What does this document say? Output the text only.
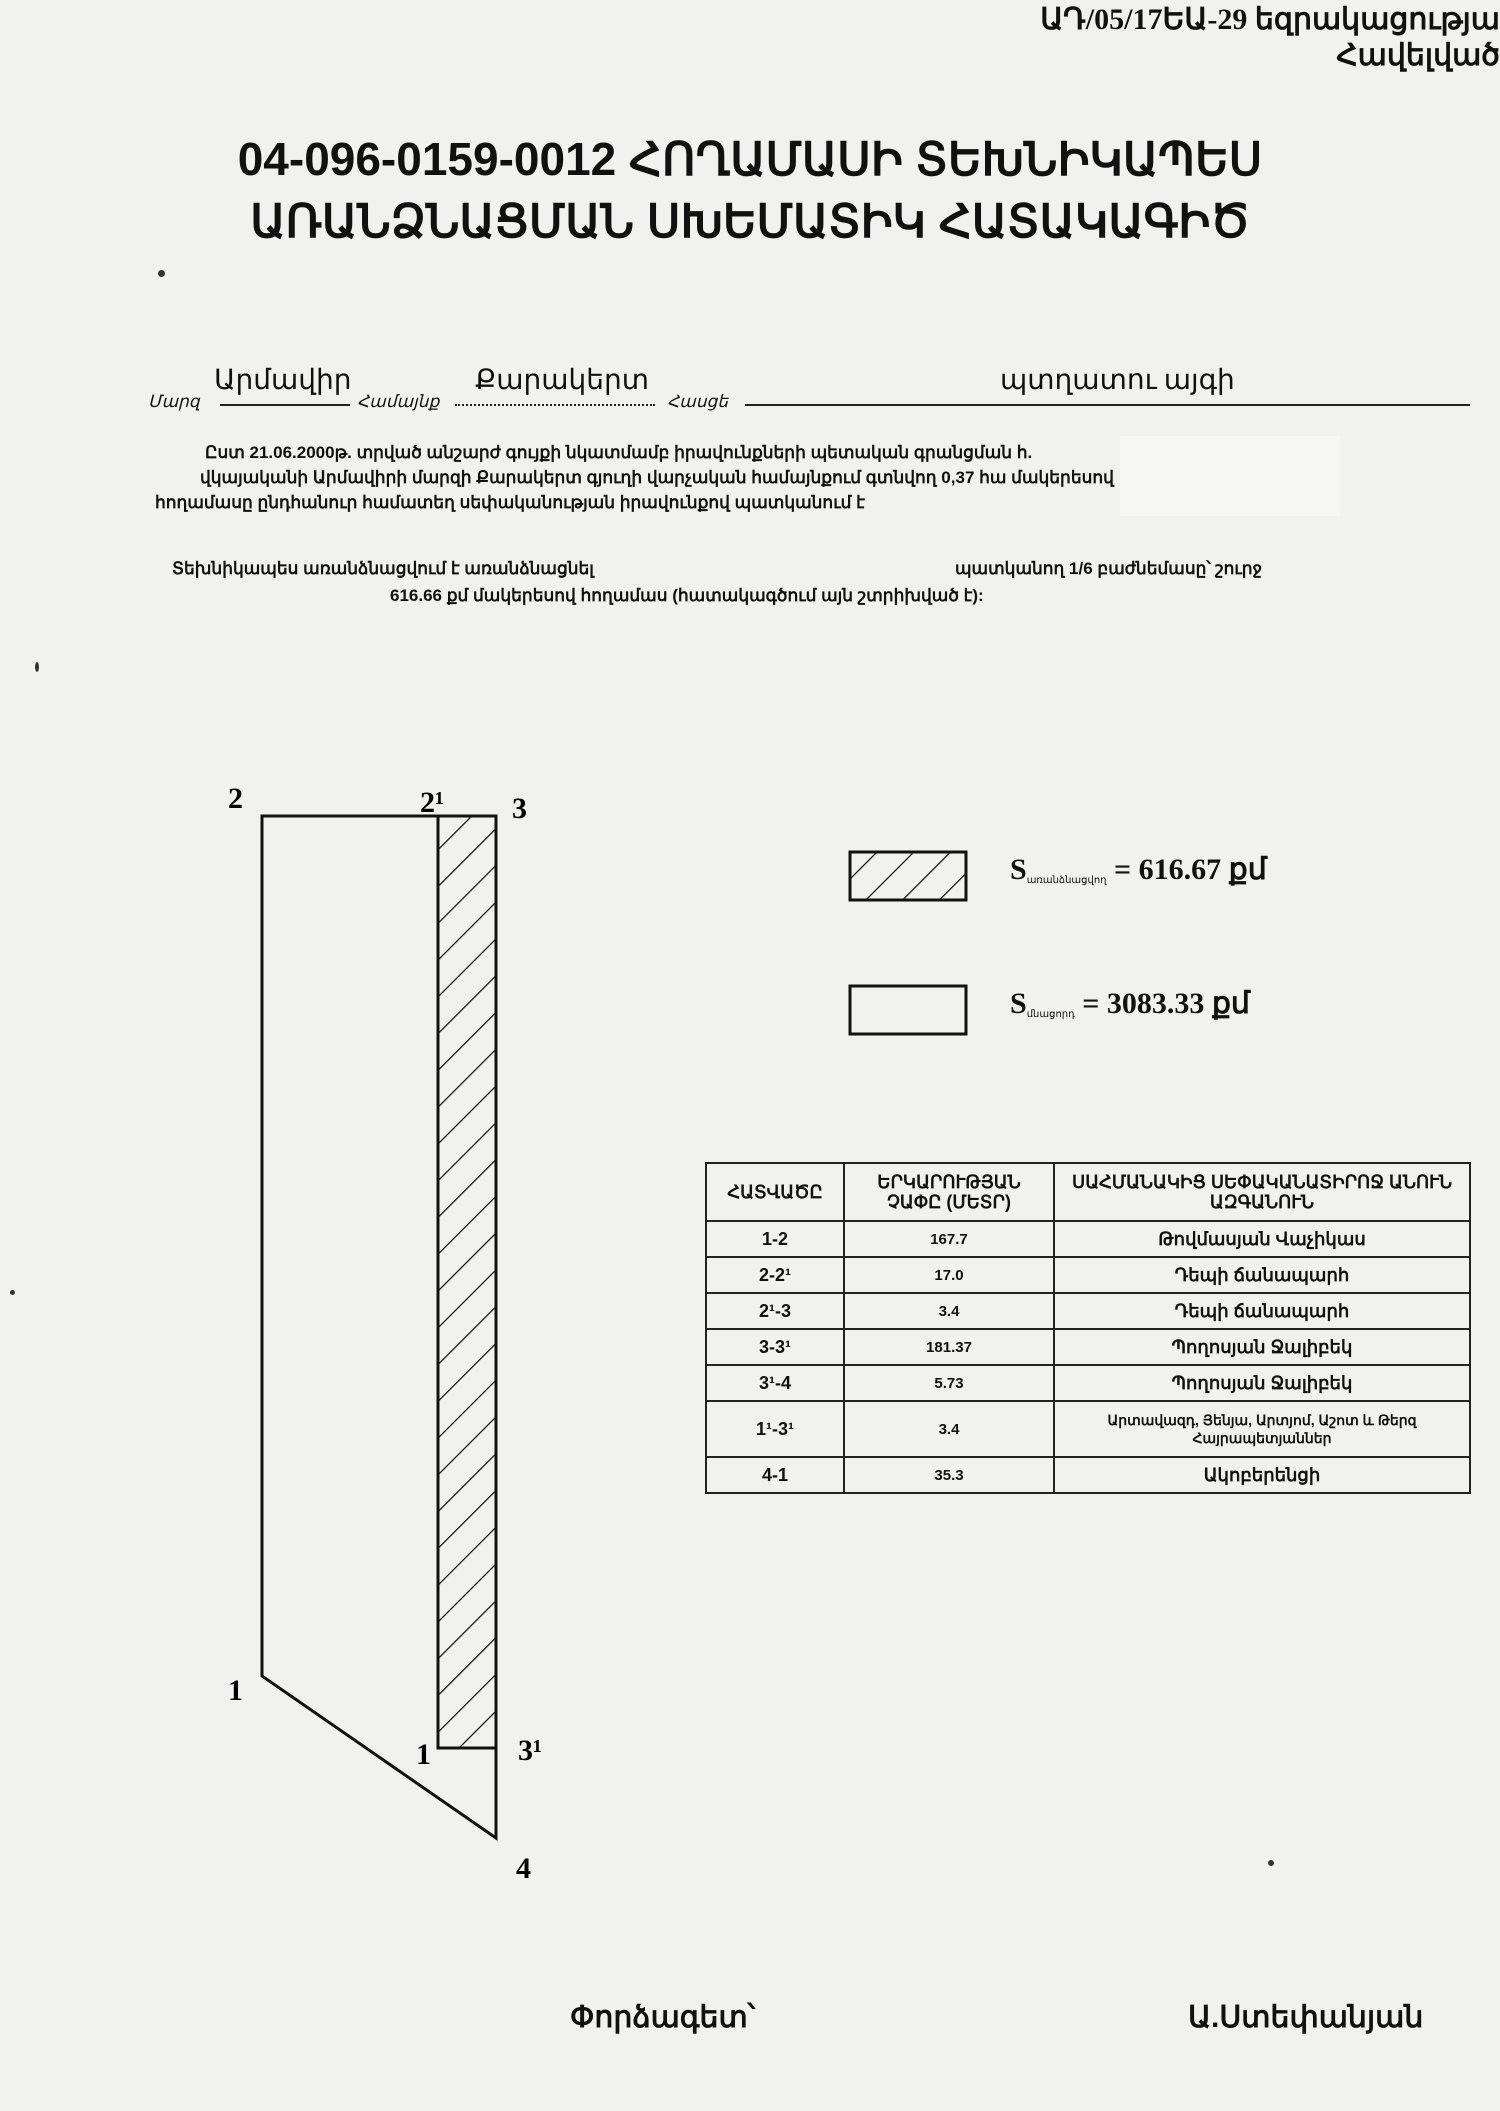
ԱԴ/05/17ԵԱ-29 եզրակացությա
Հավելված
04-096-0159-0012 ՀՈՂԱՄԱՍԻ ՏԵԽՆԻԿԱՊԵՍ
ԱՌԱՆՁՆԱՑՄԱՆ ՍԽԵՄԱՏԻԿ ՀԱՏԱԿԱԳԻԾ
Մարզ
Արմավիր
Համայնք
Քարակերտ
Հասցե
պտղատու այգի
Ըստ 21.06.2000թ. տրված անշարժ գույքի նկատմամբ իրավունքների պետական գրանցման հ.
վկայականի Արմավիրի մարզի Քարակերտ գյուղի վարչական համայնքում գտնվող 0,37 հա մակերեսով
հողամասը ընդհանուր համատեղ սեփականության իրավունքով պատկանում է
Տեխնիկապես առանձնացվում է առանձնացնել	պատկանող 1/6 բաժնեմասը՝ շուրջ
616.66 քմ մակերեսով հողամաս (հատակագծում այն շտրիխված է):
2	2¹ 3
1
1	3¹
4
$S_{առանձնացվող} = 616.67$ քմ
$S_{մնացորդ} = 3083.33$ քմ
ՀԱՏՎԱԾԸ	ԵՐԿԱՐՈՒԹՅԱՆ ՉԱՓԸ (ՄԵՏՐ)	ՍԱՀՄԱՆԱԿԻՑ ՍԵՓԱԿԱՆԱՏԻՐՈՋ ԱՆՈՒՆ ԱԶԳԱՆՈՒՆ
1-2	167.7	Թովմասյան Վաչիկաս
2-2¹	17.0	Դեպի ճանապարհ
2¹-3	3.4	Դեպի ճանապարհ
3-3¹	181.37	Պողոսյան Ջալիբեկ
3¹-4	5.73	Պողոսյան Ջալիբեկ
1¹-3¹	3.4	Արտավազդ, Յենյա, Արտյոմ, Աշոտ և Թերզ Հայրապետյաններ
4-1	35.3	Ակոբերենցի
Փորձագետ՝	Ա.Ստեփանյան
